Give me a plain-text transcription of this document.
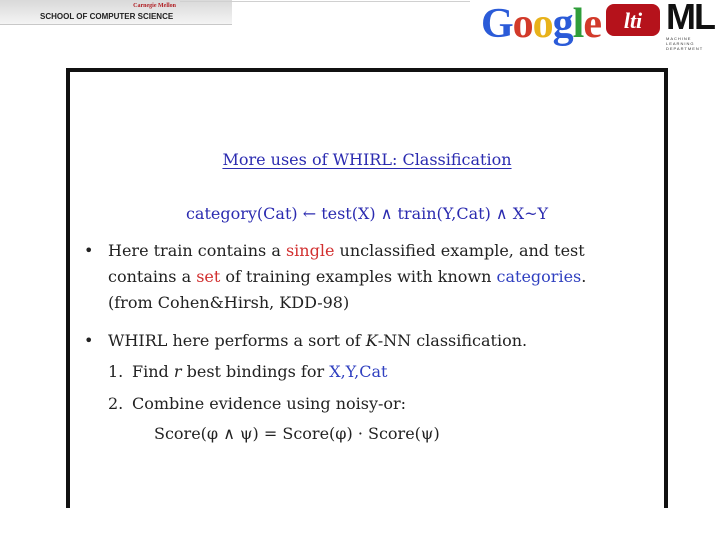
Carnegie Mellon
SCHOOL OF COMPUTER SCIENCE	Google lti ML
MACHINE LEARNING DEPARTMENT
More uses of WHIRL: Classification
category(Cat) ← test(X) ∧ train(Y,Cat) ∧ X~Y
• Here train contains a single unclassified example, and test
contains a set of training examples with known categories.
(from Cohen&Hirsh, KDD-98)
• WHIRL here performs a sort of K-NN classification.
1. Find r best bindings for X,Y,Cat
2. Combine evidence using noisy-or:
Score(φ ∧ ψ) = Score(φ) · Score(ψ)
